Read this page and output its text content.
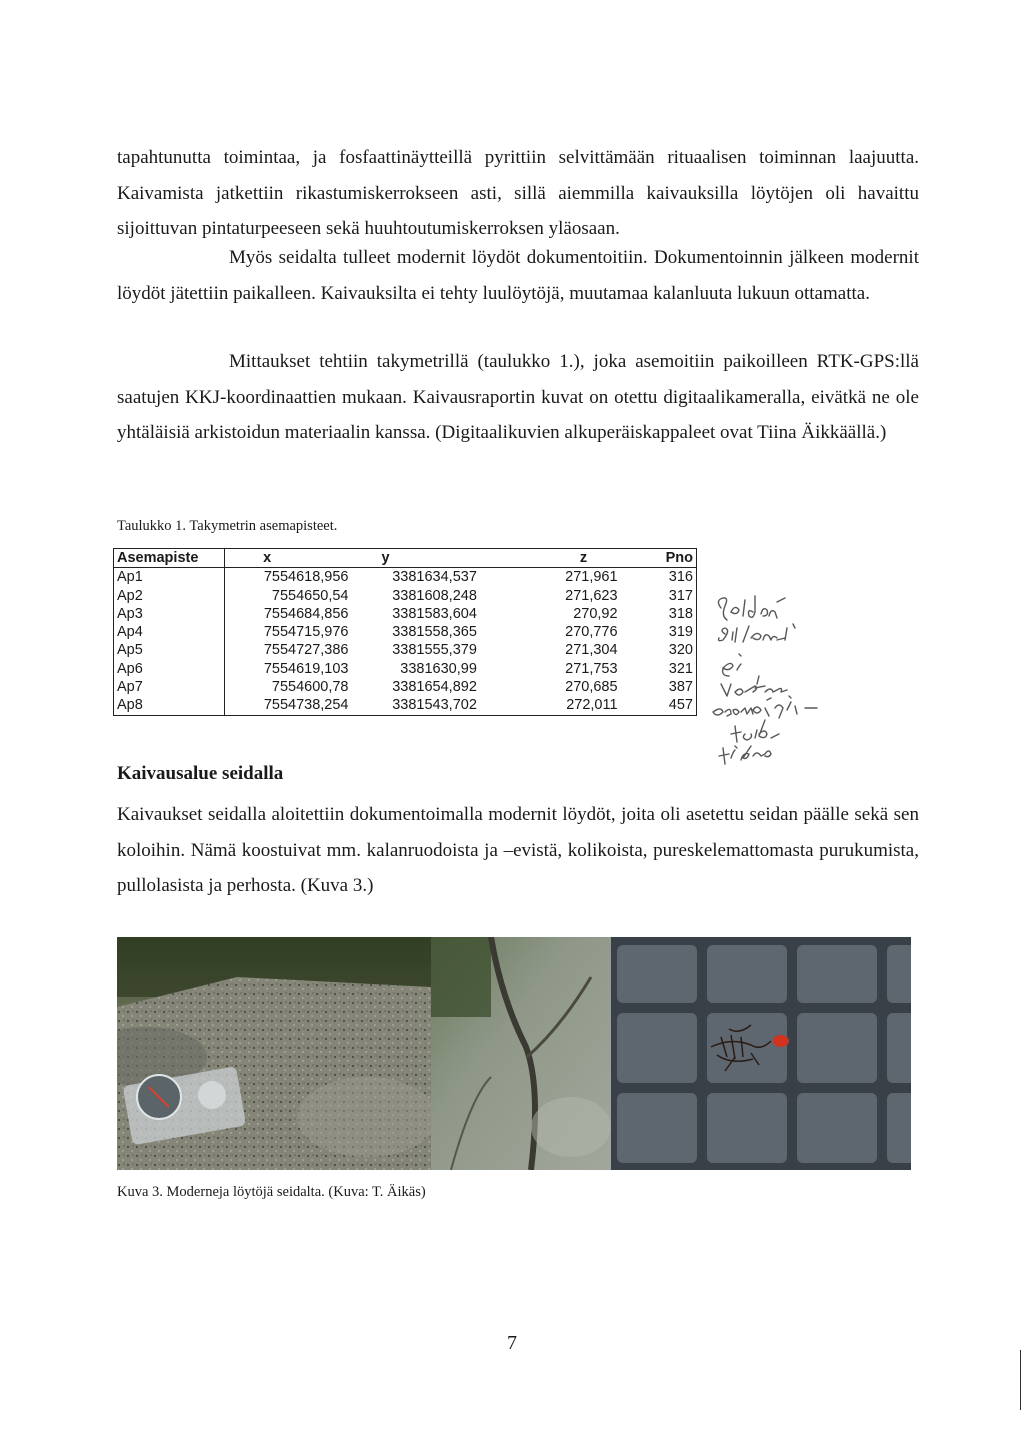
tapahtunutta toimintaa, ja fosfaattinäytteillä pyrittiin selvittämään rituaalisen toiminnan laajuutta. Kaivamista jatkettiin rikastumiskerrokseen asti, sillä aiemmilla kaivauksilla löytöjen oli havaittu sijoittuvan pintaturpeeseen sekä huuhtoutumiskerroksen yläosaan.

Myös seidalta tulleet modernit löydöt dokumentoitiin. Dokumentoinnin jälkeen modernit löydöt jätettiin paikalleen. Kaivauksilta ei tehty luulöytöjä, muutamaa kalanluuta lukuun ottamatta.

Mittaukset tehtiin takymetrillä (taulukko 1.), joka asemoitiin paikoilleen RTK-GPS:llä saatujen KKJ-koordinaattien mukaan. Kaivausraportin kuvat on otettu digitaalikameralla, eivätkä ne ole yhtäläisiä arkistoidun materiaalin kanssa. (Digitaalikuvien alkuperäiskappaleet ovat Tiina Äikkäällä.)

Taulukko 1. Takymetrin asemapisteet.

Asemapiste	x	y	z	Pno
Ap1	7554618,956	3381634,537	271,961	316
Ap2	7554650,54	3381608,248	271,623	317
Ap3	7554684,856	3381583,604	270,92	318
Ap4	7554715,976	3381558,365	270,776	319
Ap5	7554727,386	3381555,379	271,304	320
Ap6	7554619,103	3381630,99	271,753	321
Ap7	7554600,78	3381654,892	270,685	387
Ap8	7554738,254	3381543,702	272,011	457
Kaivausalue seidalla

Kaivaukset seidalla aloitettiin dokumentoimalla modernit löydöt, joita oli asetettu seidan päälle sekä sen koloihin. Nämä koostuivat mm. kalanruodoista ja –evistä, kolikoista, pureskelemattomasta purukumista, pullolasista ja perhosta. (Kuva 3.)

Kuva 3. Moderneja löytöjä seidalta. (Kuva: T. Äikäs)

7
